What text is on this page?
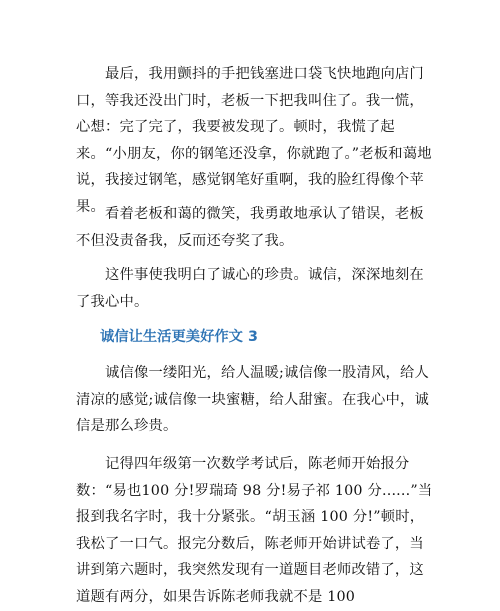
最后，我用颤抖的手把钱塞进口袋飞快地跑向店门口，等我还没出门时，老板一下把我叫住了。我一慌，心想：完了完了，我要被发现了。顿时，我慌了起来。“小朋友，你的钢笔还没拿，你就跑了。”老板和蔼地说，我接过钢笔，感觉钢笔好重啊，我的脸红得像个苹果。 看着老板和蔼的微笑，我勇敢地承认了错误，老板不但没责备我，反而还夸奖了我。

这件事使我明白了诚心的珍贵。诚信，深深地刻在了我心中。

诚信让生活更美好作文 3

诚信像一缕阳光，给人温暖;诚信像一股清风，给人清凉的感觉;诚信像一块蜜糖，给人甜蜜。在我心中，诚信是那么珍贵。

记得四年级第一次数学考试后，陈老师开始报分数：“易也100 分!罗瑞琦 98 分!易子祁 100 分......”当报到我名字时，我十分紧张。“胡玉涵 100 分!”顿时，我松了一口气。报完分数后，陈老师开始讲试卷了，当讲到第六题时，我突然发现有一道题目老师改错了，这道题有两分，如果告诉陈老师我就不是 100
